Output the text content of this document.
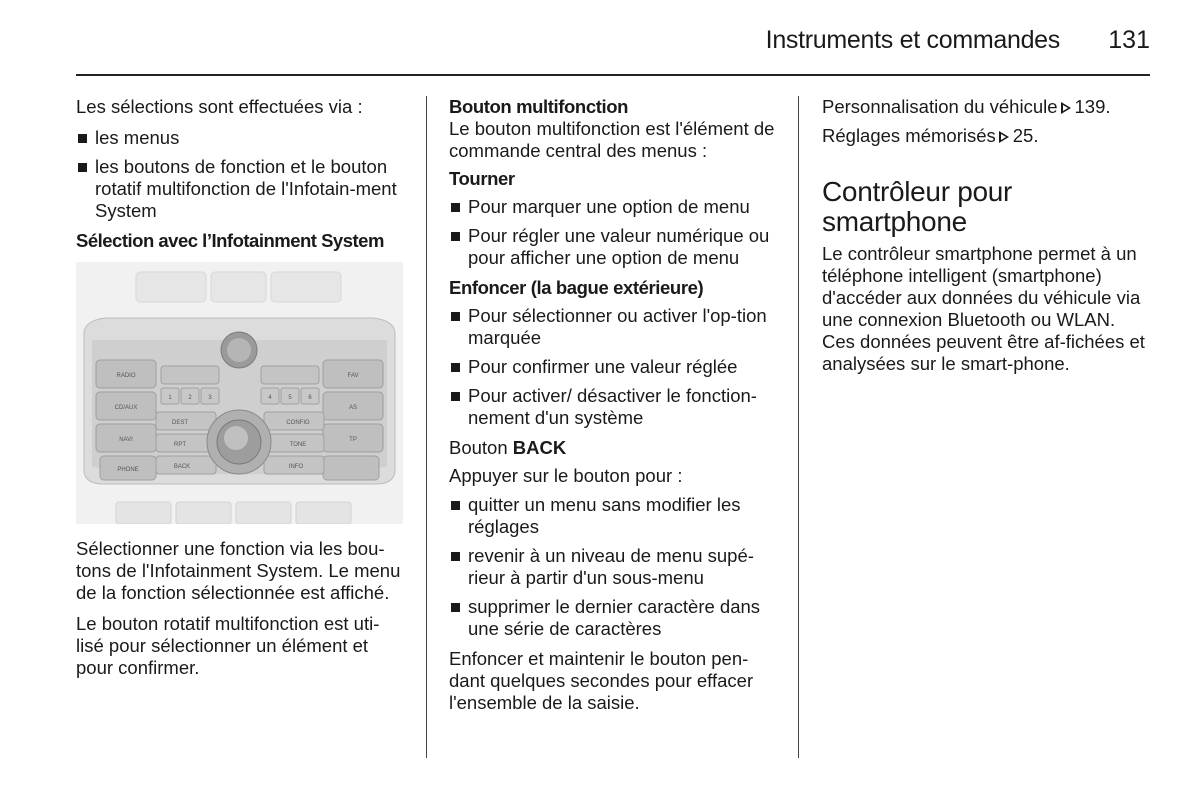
Instruments et commandes	131

Les sélections sont effectuées via :

les menus
les boutons de fonction et le bouton rotatif multifonction de l'Infotain-ment System

Sélection avec l’Infotainment System

RADIO
CD/AUX
NAVI
PHONE
FAV
AS
TP
1	2	3	4	5	6
DEST
RPT
BACK
CONFIG
TONE
INFO

Sélectionner une fonction via les bou-tons de l'Infotainment System. Le menu de la fonction sélectionnée est affiché.

Le bouton rotatif multifonction est uti-lisé pour sélectionner un élément et pour confirmer.

Bouton multifonction

Le bouton multifonction est l'élément de commande central des menus :

Tourner

Pour marquer une option de menu
Pour régler une valeur numérique ou pour afficher une option de menu

Enfoncer (la bague extérieure)

Pour sélectionner ou activer l'op-tion marquée
Pour confirmer une valeur réglée
Pour activer/ désactiver le fonction-nement d'un système

Bouton BACK

Appuyer sur le bouton pour :

quitter un menu sans modifier les réglages
revenir à un niveau de menu supé-rieur à partir d'un sous-menu
supprimer le dernier caractère dans une série de caractères

Enfoncer et maintenir le bouton pen-dant quelques secondes pour effacer l'ensemble de la saisie.

Personnalisation du véhicule 139.

Réglages mémorisés 25.

Contrôleur pour smartphone

Le contrôleur smartphone permet à un téléphone intelligent (smartphone) d'accéder aux données du véhicule via une connexion Bluetooth ou WLAN. Ces données peuvent être af-fichées et analysées sur le smart-phone.
